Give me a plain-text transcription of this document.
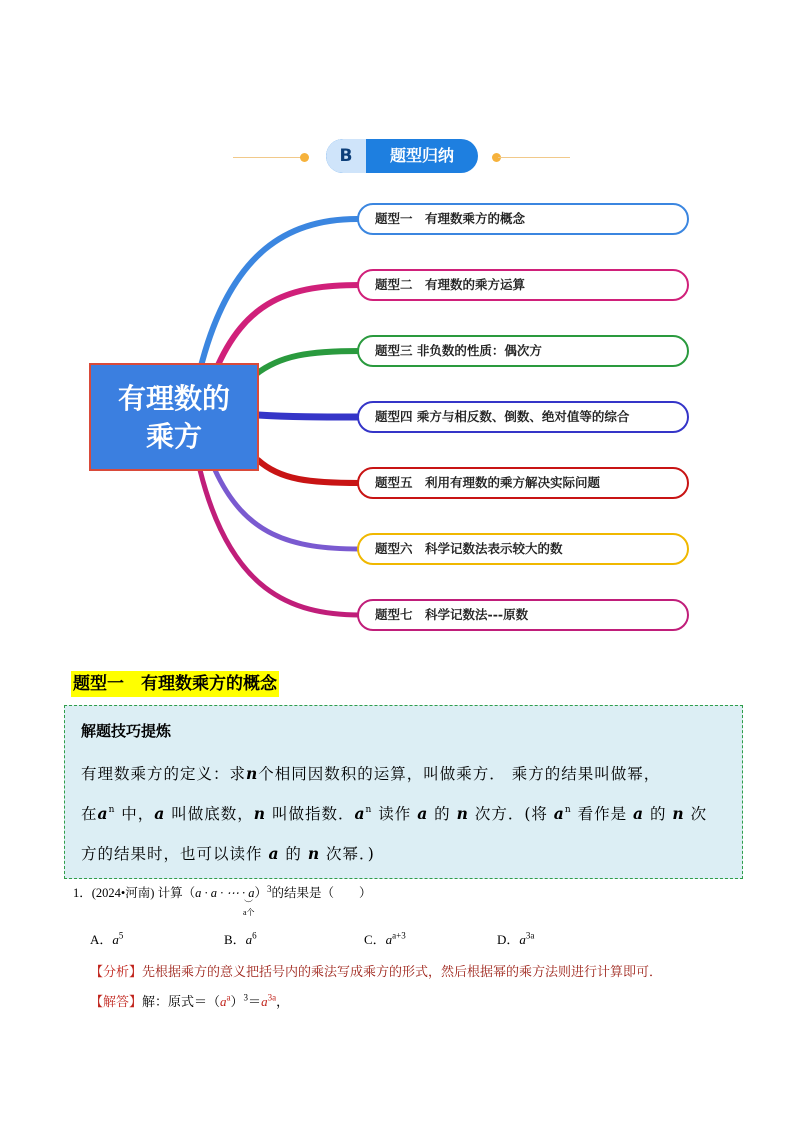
B	题型归纳
有理数的
乘方
题型一　有理数乘方的概念
题型二　有理数的乘方运算
题型三 非负数的性质：偶次方
题型四 乘方与相反数、倒数、绝对值等的综合
题型五　利用有理数的乘方解决实际问题
题型六　科学记数法表示较大的数
题型七　科学记数法---原数
题型一　有理数乘方的概念
解题技巧提炼
有理数乘方的定义：求n个相同因数积的运算，叫做乘方． 乘方的结果叫做幂，
在$a^n$ 中，a 叫做底数，n 叫做指数．$a^n$ 读作 a 的 n 次方．(将 $a^n$ 看作是 a 的 n 次
方的结果时，也可以读作 a 的 n 次幂．)
1．(2024•河南) 计算（a · a · ⋯ · a）$^3$的结果是（　　）
︶
a个
A．$a^5$	B．$a^6$	C．$a^{a+3}$	D．$a^{3a}$
【分析】先根据乘方的意义把括号内的乘法写成乘方的形式，然后根据幂的乘方法则进行计算即可．
【解答】解：原式$=(a^a)^3=a^{3a}$，
